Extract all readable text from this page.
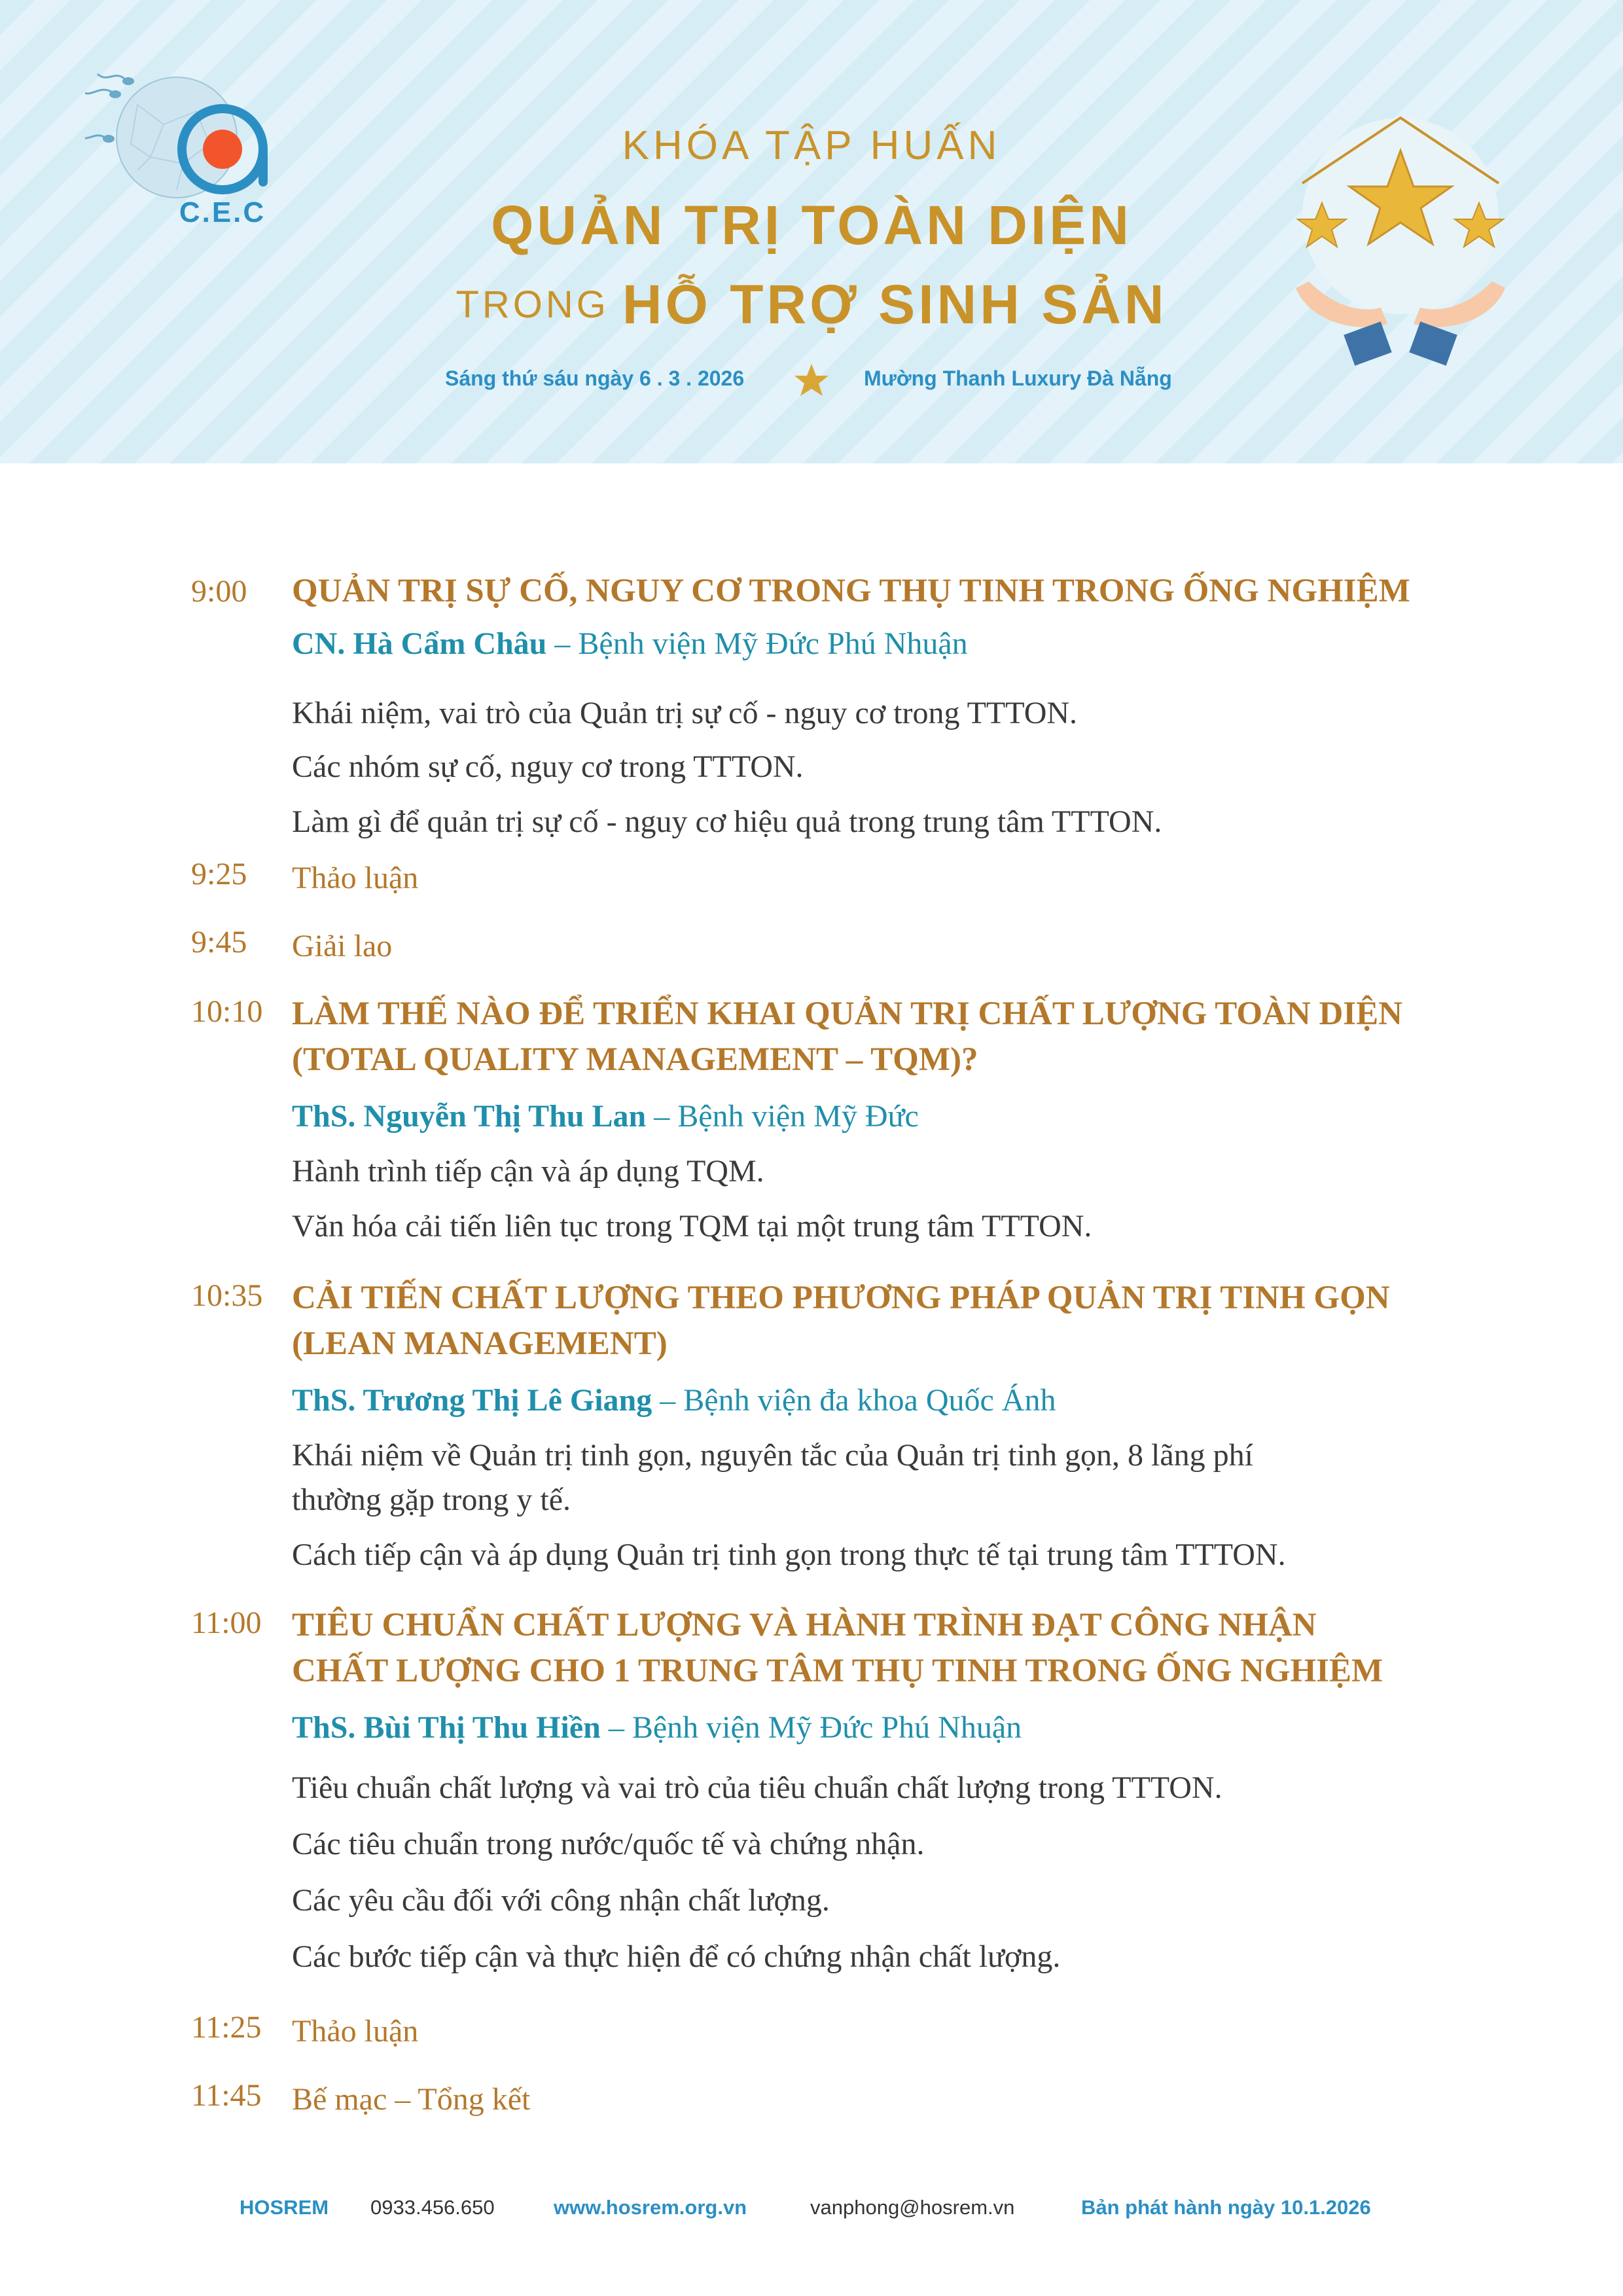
C.E.C
KHÓA TẬP HUẤN
QUẢN TRỊ TOÀN DIỆN
TRONG HỖ TRỢ SINH SẢN
Sáng thứ sáu ngày 6 . 3 . 2026	Mường Thanh Luxury Đà Nẵng
9:00	QUẢN TRỊ SỰ CỐ, NGUY CƠ TRONG THỤ TINH TRONG ỐNG NGHIỆM
CN. Hà Cẩm Châu – Bệnh viện Mỹ Đức Phú Nhuận
Khái niệm, vai trò của Quản trị sự cố - nguy cơ trong TTTON.
Các nhóm sự cố, nguy cơ trong TTTON.
Làm gì để quản trị sự cố - nguy cơ hiệu quả trong trung tâm TTTON.
9:25	Thảo luận
9:45	Giải lao
10:10 LÀM THẾ NÀO ĐỂ TRIỂN KHAI QUẢN TRỊ CHẤT LƯỢNG TOÀN DIỆN
(TOTAL QUALITY MANAGEMENT – TQM)?
ThS. Nguyễn Thị Thu Lan – Bệnh viện Mỹ Đức
Hành trình tiếp cận và áp dụng TQM.
Văn hóa cải tiến liên tục trong TQM tại một trung tâm TTTON.
10:35 CẢI TIẾN CHẤT LƯỢNG THEO PHƯƠNG PHÁP QUẢN TRỊ TINH GỌN
(LEAN MANAGEMENT)
ThS. Trương Thị Lê Giang – Bệnh viện đa khoa Quốc Ánh
Khái niệm về Quản trị tinh gọn, nguyên tắc của Quản trị tinh gọn, 8 lãng phí
thường gặp trong y tế.
Cách tiếp cận và áp dụng Quản trị tinh gọn trong thực tế tại trung tâm TTTON.
11:00 TIÊU CHUẨN CHẤT LƯỢNG VÀ HÀNH TRÌNH ĐẠT CÔNG NHẬN
CHẤT LƯỢNG CHO 1 TRUNG TÂM THỤ TINH TRONG ỐNG NGHIỆM
ThS. Bùi Thị Thu Hiền – Bệnh viện Mỹ Đức Phú Nhuận
Tiêu chuẩn chất lượng và vai trò của tiêu chuẩn chất lượng trong TTTON.
Các tiêu chuẩn trong nước/quốc tế và chứng nhận.
Các yêu cầu đối với công nhận chất lượng.
Các bước tiếp cận và thực hiện để có chứng nhận chất lượng.
11:25 Thảo luận
11:45 Bế mạc – Tổng kết
HOSREM 0933.456.650	www.hosrem.org.vn	vanphong@hosrem.vn	Bản phát hành ngày 10.1.2026
